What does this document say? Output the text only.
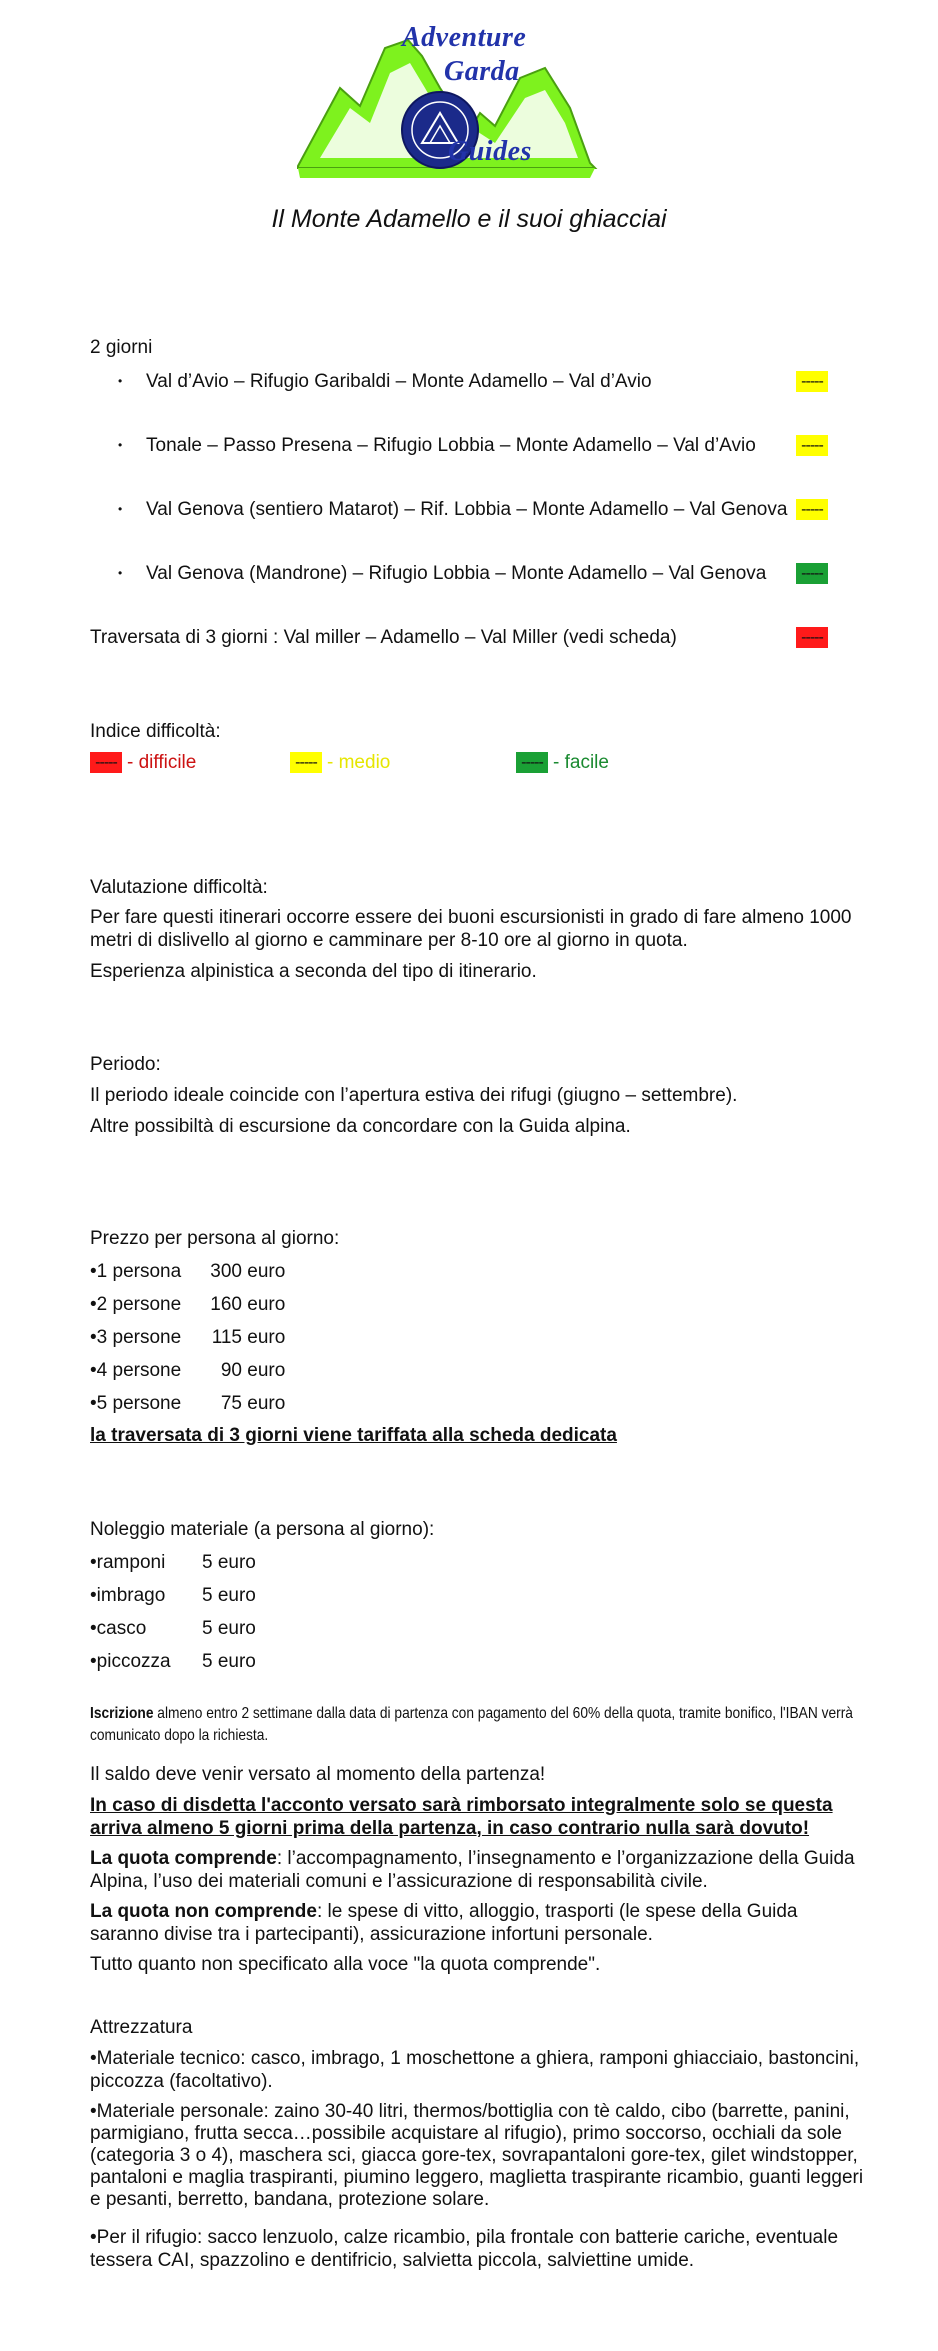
Adventure
Garda
Guides
Il Monte Adamello e il suoi ghiacciai
2 giorni
• Val d’Avio – Rifugio Garibaldi – Monte Adamello – Val d’Avio	-----
• Tonale – Passo Presena – Rifugio Lobbia – Monte Adamello – Val d’Avio	-----
• Val Genova (sentiero Matarot) – Rif. Lobbia – Monte Adamello – Val Genova -----
• Val Genova (Mandrone) – Rifugio Lobbia – Monte Adamello – Val Genova	-----
Traversata di 3 giorni : Val miller – Adamello – Val Miller (vedi scheda)	-----
Indice difficoltà:
----- - difficile	----- - medio	----- - facile
Valutazione difficoltà:
Per fare questi itinerari occorre essere dei buoni escursionisti in grado di fare almeno 1000 metri di dislivello al giorno e camminare per 8-10 ore al giorno in quota.
Esperienza alpinistica a seconda del tipo di itinerario.
Periodo:
Il periodo ideale coincide con l’apertura estiva dei rifugi (giugno – settembre).
Altre possibiltà di escursione da concordare con la Guida alpina.
Prezzo per persona al giorno:
•1 persona 300 euro
•2 persone 160 euro
•3 persone 115 euro
•4 persone 90 euro
•5 persone 75 euro
la traversata di 3 giorni viene tariffata alla scheda dedicata
Noleggio materiale (a persona al giorno):
•ramponi 5 euro
•imbrago 5 euro
•casco	5 euro
•piccozza 5 euro
Iscrizione almeno entro 2 settimane dalla data di partenza con pagamento del 60% della quota, tramite bonifico, l'IBAN verrà comunicato dopo la richiesta.
Il saldo deve venir versato al momento della partenza!
In caso di disdetta l'acconto versato sarà rimborsato integralmente solo se questa arriva almeno 5 giorni prima della partenza, in caso contrario nulla sarà dovuto!
La quota comprende: l’accompagnamento, l’insegnamento e l’organizzazione della Guida Alpina, l’uso dei materiali comuni e l’assicurazione di responsabilità civile.
La quota non comprende: le spese di vitto, alloggio, trasporti (le spese della Guida saranno divise tra i partecipanti), assicurazione infortuni personale.
Tutto quanto non specificato alla voce "la quota comprende".
Attrezzatura
•Materiale tecnico: casco, imbrago, 1 moschettone a ghiera, ramponi ghiacciaio, bastoncini, piccozza (facoltativo).
•Materiale personale: zaino 30-40 litri, thermos/bottiglia con tè caldo, cibo (barrette, panini, parmigiano, frutta secca…possibile acquistare al rifugio), primo soccorso, occhiali da sole (categoria 3 o 4), maschera sci, giacca gore-tex, sovrapantaloni gore-tex, gilet windstopper, pantaloni e maglia traspiranti, piumino leggero, maglietta traspirante ricambio, guanti leggeri e pesanti, berretto, bandana, protezione solare.
•Per il rifugio: sacco lenzuolo, calze ricambio, pila frontale con batterie cariche, eventuale tessera CAI, spazzolino e dentifricio, salvietta piccola, salviettine umide.
